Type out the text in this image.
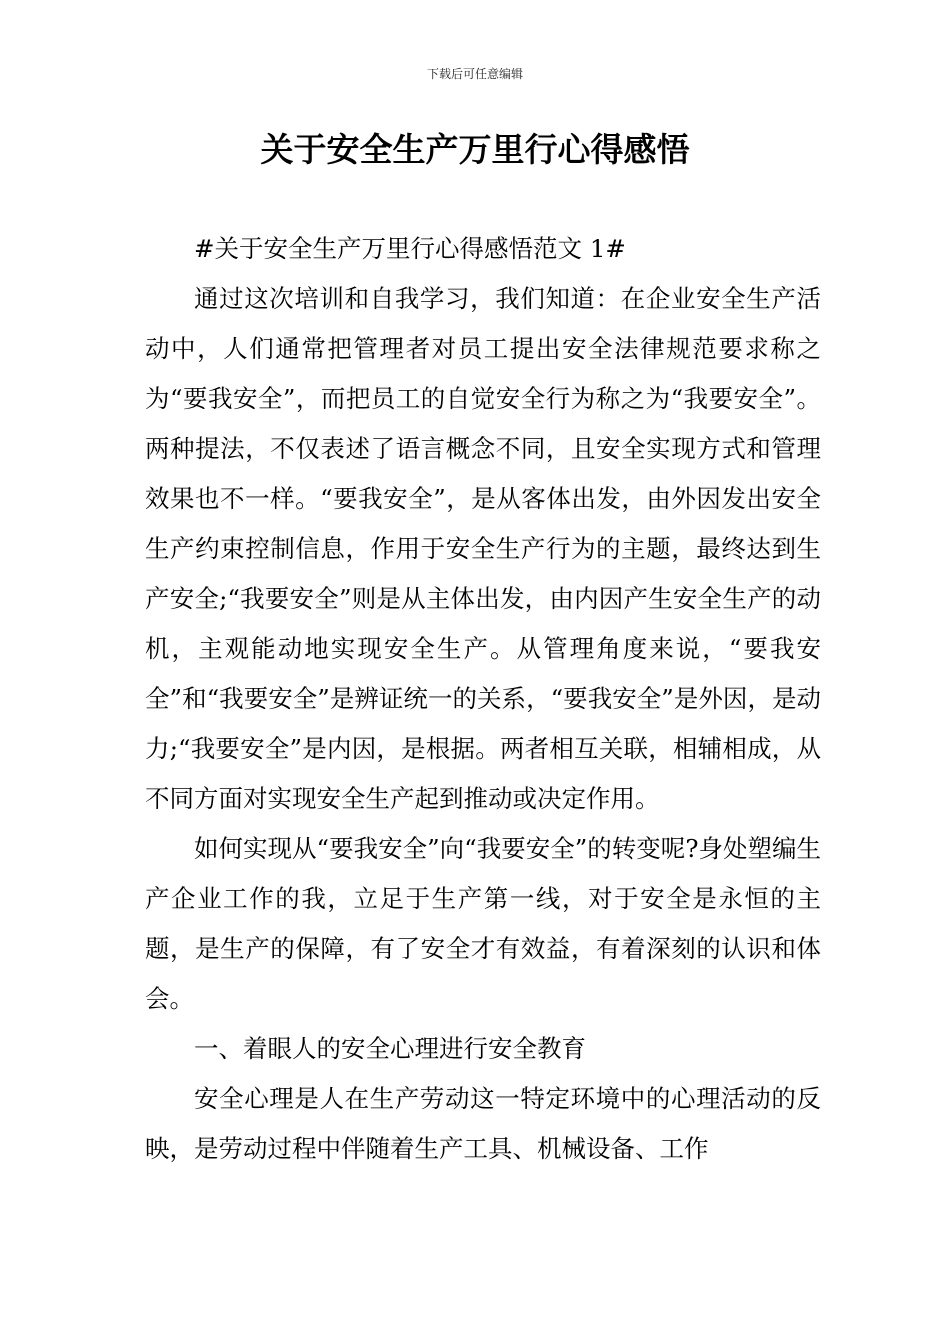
下载后可任意编辑
关于安全生产万里行心得感悟

#关于安全生产万里行心得感悟范文 1#

通过这次培训和自我学习，我们知道：在企业安全生产活动中，人们通常把管理者对员工提出安全法律规范要求称之为“要我安全”，而把员工的自觉安全行为称之为“我要安全”。两种提法，不仅表述了语言概念不同，且安全实现方式和管理效果也不一样。“要我安全”，是从客体出发，由外因发出安全生产约束控制信息，作用于安全生产行为的主题，最终达到生产安全;“我要安全”则是从主体出发，由内因产生安全生产的动机，主观能动地实现安全生产。从管理角度来说，“要我安全”和“我要安全”是辨证统一的关系，“要我安全”是外因，是动力;“我要安全”是内因，是根据。两者相互关联，相辅相成，从不同方面对实现安全生产起到推动或决定作用。

如何实现从“要我安全”向“我要安全”的转变呢?身处塑编生产企业工作的我，立足于生产第一线，对于安全是永恒的主题，是生产的保障，有了安全才有效益，有着深刻的认识和体会。

一、着眼人的安全心理进行安全教育

安全心理是人在生产劳动这一特定环境中的心理活动的反映，是劳动过程中伴随着生产工具、机械设备、工作
